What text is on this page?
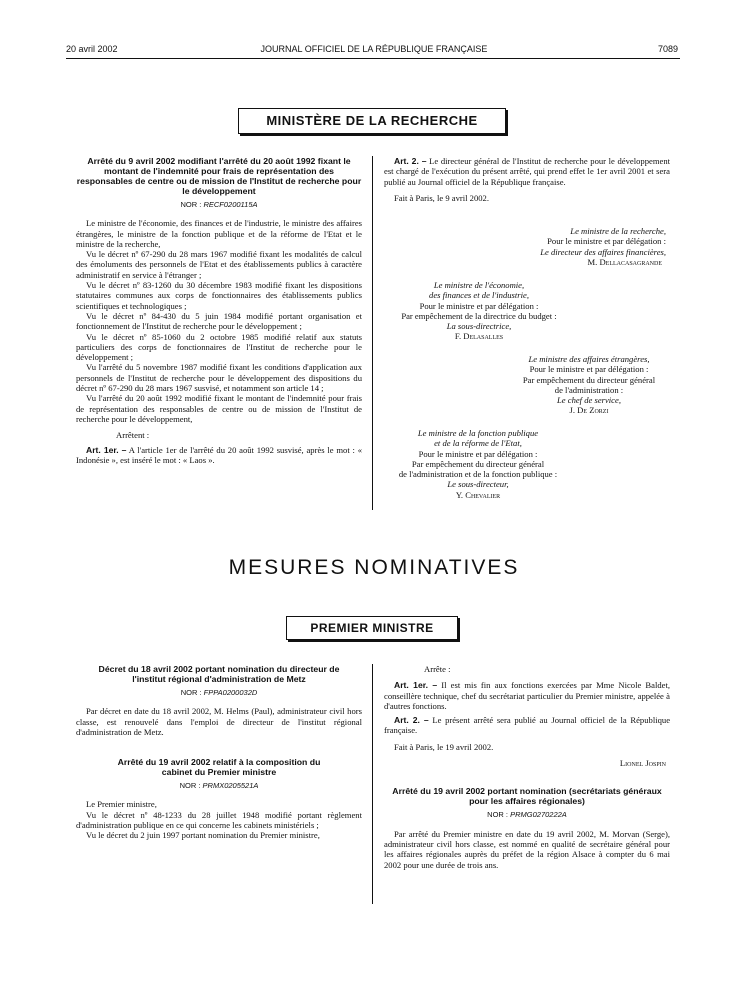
20 avril 2002	JOURNAL OFFICIEL DE LA RÉPUBLIQUE FRANÇAISE	7089
MINISTÈRE DE LA RECHERCHE
Arrêté du 9 avril 2002 modifiant l'arrêté du 20 août 1992 fixant le montant de l'indemnité pour frais de représentation des responsables de centre ou de mission de l'Institut de recherche pour le développement
NOR : RECF0200115A

Le ministre de l'économie, des finances et de l'industrie, le ministre des affaires étrangères, le ministre de la fonction publique et de la réforme de l'Etat et le ministre de la recherche,

Vu le décret nº 67-290 du 28 mars 1967 modifié fixant les modalités de calcul des émoluments des personnels de l'Etat et des établissements publics à caractère administratif en service à l'étranger ;

Vu le décret nº 83-1260 du 30 décembre 1983 modifié fixant les dispositions statutaires communes aux corps de fonctionnaires des établissements publics scientifiques et technologiques ;

Vu le décret nº 84-430 du 5 juin 1984 modifié portant organisation et fonctionnement de l'Institut de recherche pour le développement ;

Vu le décret nº 85-1060 du 2 octobre 1985 modifié relatif aux statuts particuliers des corps de fonctionnaires de l'Institut de recherche pour le développement ;

Vu l'arrêté du 5 novembre 1987 modifié fixant les conditions d'application aux personnels de l'Institut de recherche pour le développement des dispositions du décret nº 67-290 du 28 mars 1967 susvisé, et notamment son article 14 ;

Vu l'arrêté du 20 août 1992 modifié fixant le montant de l'indemnité pour frais de représentation des responsables de centre ou de mission de l'Institut de recherche pour le développement,

Arrêtent :

Art. 1er. – A l'article 1er de l'arrêté du 20 août 1992 susvisé, après le mot : « Indonésie », est inséré le mot : « Laos ».

Art. 2. – Le directeur général de l'Institut de recherche pour le développement est chargé de l'exécution du présent arrêté, qui prend effet le 1er avril 2001 et sera publié au Journal officiel de la République française.

Fait à Paris, le 9 avril 2002.

Le ministre de la recherche,
Pour le ministre et par délégation :
Le directeur des affaires financières,
M. Dellacasagrande
Le ministre de l'économie,
des finances et de l'industrie,
Pour le ministre et par délégation :
Par empêchement de la directrice du budget :
La sous-directrice,
F. Delasalles
Le ministre des affaires étrangères,
Pour le ministre et par délégation :
Par empêchement du directeur général
de l'administration :
Le chef de service,
J. De Zorzi
Le ministre de la fonction publique
et de la réforme de l'Etat,
Pour le ministre et par délégation :
Par empêchement du directeur général
de l'administration et de la fonction publique :
Le sous-directeur,
Y. Chevalier
MESURES NOMINATIVES
PREMIER MINISTRE
Décret du 18 avril 2002 portant nomination du directeur de l'institut régional d'administration de Metz
NOR : FPPA0200032D

Par décret en date du 18 avril 2002, M. Helms (Paul), administrateur civil hors classe, est renouvelé dans l'emploi de directeur de l'institut régional d'administration de Metz.

Arrêté du 19 avril 2002 relatif à la composition du cabinet du Premier ministre
NOR : PRMX0205521A

Le Premier ministre,

Vu le décret nº 48-1233 du 28 juillet 1948 modifié portant règlement d'administration publique en ce qui concerne les cabinets ministériels ;

Vu le décret du 2 juin 1997 portant nomination du Premier ministre,

Arrête :

Art. 1er. – Il est mis fin aux fonctions exercées par Mme Nicole Baldet, conseillère technique, chef du secrétariat particulier du Premier ministre, appelée à d'autres fonctions.

Art. 2. – Le présent arrêté sera publié au Journal officiel de la République française.

Fait à Paris, le 19 avril 2002.

Lionel Jospin
Arrêté du 19 avril 2002 portant nomination (secrétariats généraux pour les affaires régionales)
NOR : PRMG0270222A

Par arrêté du Premier ministre en date du 19 avril 2002, M. Morvan (Serge), administrateur civil hors classe, est nommé en qualité de secrétaire général pour les affaires régionales auprès du préfet de la région Alsace à compter du 6 mai 2002 pour une durée de trois ans.
